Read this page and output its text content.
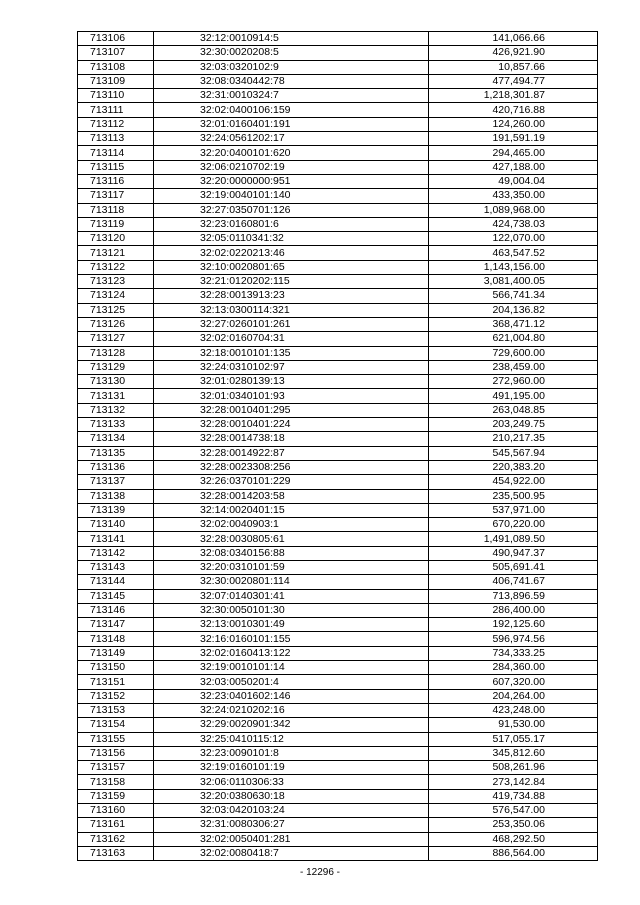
713106	32:12:0010914:5	141,066.66
713107	32:30:0020208:5	426,921.90
713108	32:03:0320102:9	10,857.66
713109	32:08:0340442:78	477,494.77
713110	32:31:0010324:7	1,218,301.87
713111	32:02:0400106:159	420,716.88
713112	32:01:0160401:191	124,260.00
713113	32:24:0561202:17	191,591.19
713114	32:20:0400101:620	294,465.00
713115	32:06:0210702:19	427,188.00
713116	32:20:0000000:951	49,004.04
713117	32:19:0040101:140	433,350.00
713118	32:27:0350701:126	1,089,968.00
713119	32:23:0160801:6	424,738.03
713120	32:05:0110341:32	122,070.00
713121	32:02:0220213:46	463,547.52
713122	32:10:0020801:65	1,143,156.00
713123	32:21:0120202:115	3,081,400.05
713124	32:28:0013913:23	566,741.34
713125	32:13:0300114:321	204,136.82
713126	32:27:0260101:261	368,471.12
713127	32:02:0160704:31	621,004.80
713128	32:18:0010101:135	729,600.00
713129	32:24:0310102:97	238,459.00
713130	32:01:0280139:13	272,960.00
713131	32:01:0340101:93	491,195.00
713132	32:28:0010401:295	263,048.85
713133	32:28:0010401:224	203,249.75
713134	32:28:0014738:18	210,217.35
713135	32:28:0014922:87	545,567.94
713136	32:28:0023308:256	220,383.20
713137	32:26:0370101:229	454,922.00
713138	32:28:0014203:58	235,500.95
713139	32:14:0020401:15	537,971.00
713140	32:02:0040903:1	670,220.00
713141	32:28:0030805:61	1,491,089.50
713142	32:08:0340156:88	490,947.37
713143	32:20:0310101:59	505,691.41
713144	32:30:0020801:114	406,741.67
713145	32:07:0140301:41	713,896.59
713146	32:30:0050101:30	286,400.00
713147	32:13:0010301:49	192,125.60
713148	32:16:0160101:155	596,974.56
713149	32:02:0160413:122	734,333.25
713150	32:19:0010101:14	284,360.00
713151	32:03:0050201:4	607,320.00
713152	32:23:0401602:146	204,264.00
713153	32:24:0210202:16	423,248.00
713154	32:29:0020901:342	91,530.00
713155	32:25:0410115:12	517,055.17
713156	32:23:0090101:8	345,812.60
713157	32:19:0160101:19	508,261.96
713158	32:06:0110306:33	273,142.84
713159	32:20:0380630:18	419,734.88
713160	32:03:0420103:24	576,547.00
713161	32:31:0080306:27	253,350.06
713162	32:02:0050401:281	468,292.50
713163	32:02:0080418:7	886,564.00
- 12296 -
